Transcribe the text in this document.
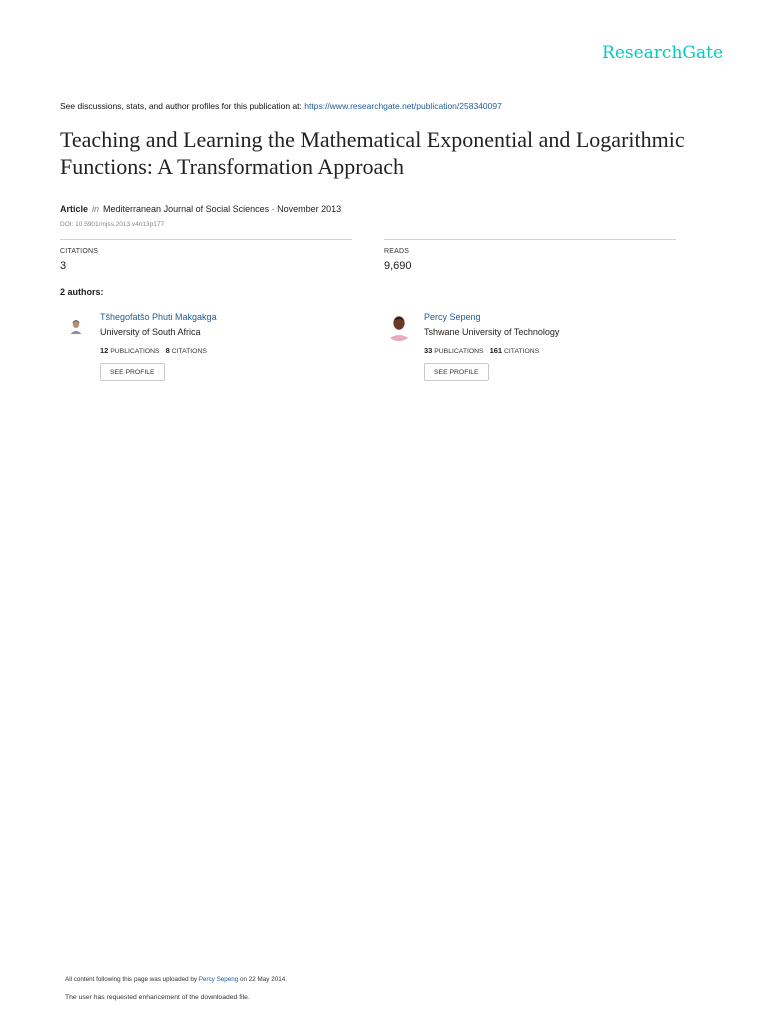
ResearchGate
See discussions, stats, and author profiles for this publication at: https://www.researchgate.net/publication/258340097
Teaching and Learning the Mathematical Exponential and Logarithmic Functions: A Transformation Approach
Article in Mediterranean Journal of Social Sciences · November 2013
DOI: 10.5901/mjss.2013.v4n13p177
CITATIONS
3
READS
9,690
2 authors:
Tšhegofatšo Phuti Makgakga
University of South Africa
12 PUBLICATIONS 8 CITATIONS
SEE PROFILE
Percy Sepeng
Tshwane University of Technology
33 PUBLICATIONS 161 CITATIONS
SEE PROFILE
All content following this page was uploaded by Percy Sepeng on 22 May 2014.
The user has requested enhancement of the downloaded file.
